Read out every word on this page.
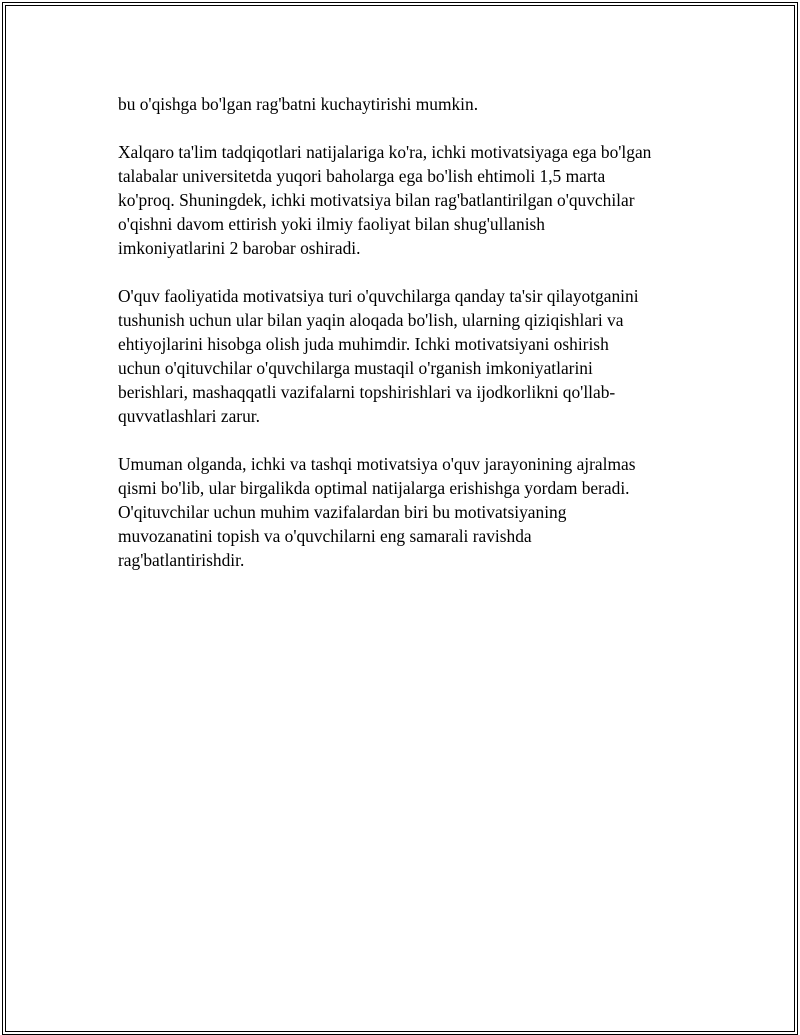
bu o'qishga bo'lgan rag'batni kuchaytirishi mumkin.

Xalqaro ta'lim tadqiqotlari natijalariga ko'ra, ichki motivatsiyaga ega bo'lgan
talabalar universitetda yuqori baholarga ega bo'lish ehtimoli 1,5 marta
ko'proq. Shuningdek, ichki motivatsiya bilan rag'batlantirilgan o'quvchilar
o'qishni davom ettirish yoki ilmiy faoliyat bilan shug'ullanish
imkoniyatlarini 2 barobar oshiradi.

O'quv faoliyatida motivatsiya turi o'quvchilarga qanday ta'sir qilayotganini
tushunish uchun ular bilan yaqin aloqada bo'lish, ularning qiziqishlari va
ehtiyojlarini hisobga olish juda muhimdir. Ichki motivatsiyani oshirish
uchun o'qituvchilar o'quvchilarga mustaqil o'rganish imkoniyatlarini
berishlari, mashaqqatli vazifalarni topshirishlari va ijodkorlikni qo'llab-
quvvatlashlari zarur.

Umuman olganda, ichki va tashqi motivatsiya o'quv jarayonining ajralmas
qismi bo'lib, ular birgalikda optimal natijalarga erishishga yordam beradi.
O'qituvchilar uchun muhim vazifalardan biri bu motivatsiyaning
muvozanatini topish va o'quvchilarni eng samarali ravishda
rag'batlantirishdir.
